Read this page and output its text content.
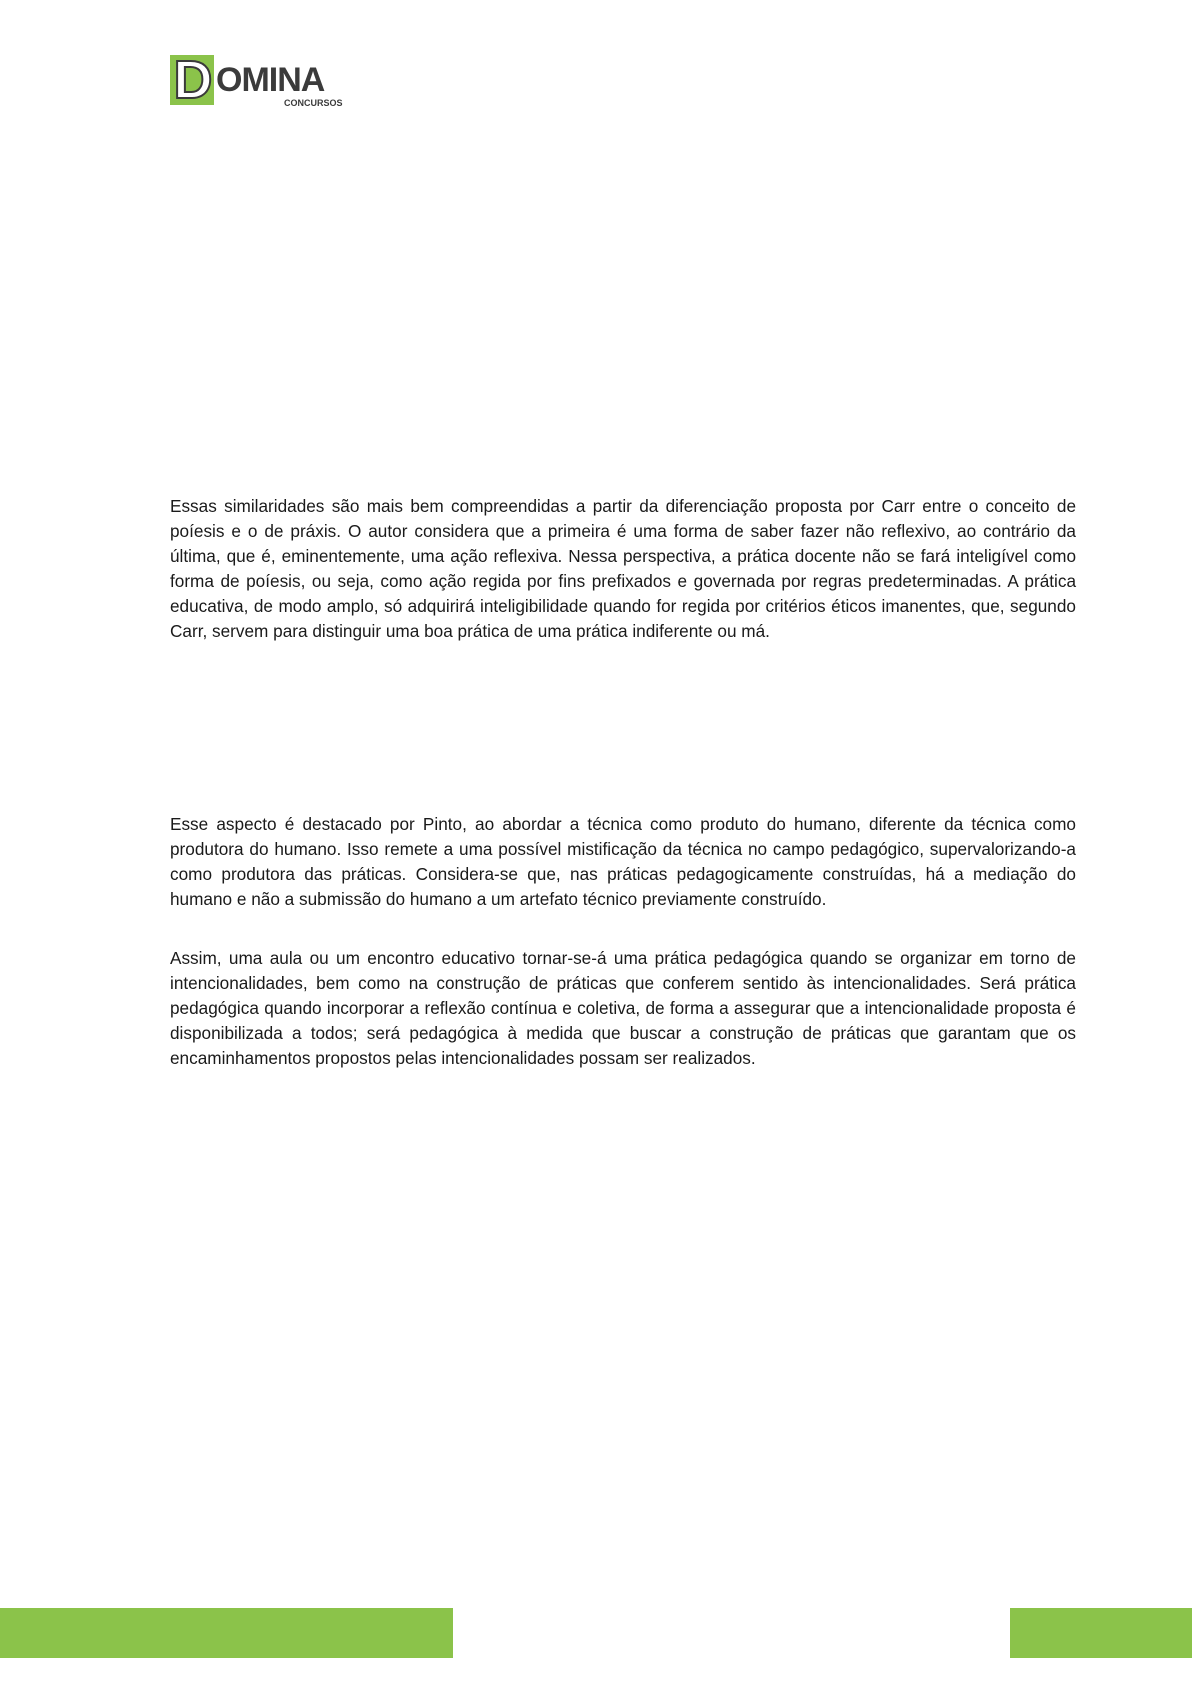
D OMINA
CONCURSOS

Essas similaridades são mais bem compreendidas a partir da diferenciação proposta por Carr entre o conceito de poíesis e o de práxis. O autor considera que a primeira é uma forma de saber fazer não reflexivo, ao contrário da última, que é, eminentemente, uma ação reflexiva. Nessa perspectiva, a prática docente não se fará inteligível como forma de poíesis, ou seja, como ação regida por fins prefixados e governada por regras predeterminadas. A prática educativa, de modo amplo, só adquirirá inteligibilidade quando for regida por critérios éticos imanentes, que, segundo Carr, servem para distinguir uma boa prática de uma prática indiferente ou má.

Esse aspecto é destacado por Pinto, ao abordar a técnica como produto do humano, diferente da técnica como produtora do humano. Isso remete a uma possível mistificação da técnica no campo pedagógico, supervalorizando-a como produtora das práticas. Considera-se que, nas práticas pedagogicamente construídas, há a mediação do humano e não a submissão do humano a um artefato técnico previamente construído.

Assim, uma aula ou um encontro educativo tornar-se-á uma prática pedagógica quando se organizar em torno de intencionalidades, bem como na construção de práticas que conferem sentido às intencionalidades. Será prática pedagógica quando incorporar a reflexão contínua e coletiva, de forma a assegurar que a intencionalidade proposta é disponibilizada a todos; será pedagógica à medida que buscar a construção de práticas que garantam que os encaminhamentos propostos pelas intencionalidades possam ser realizados.
